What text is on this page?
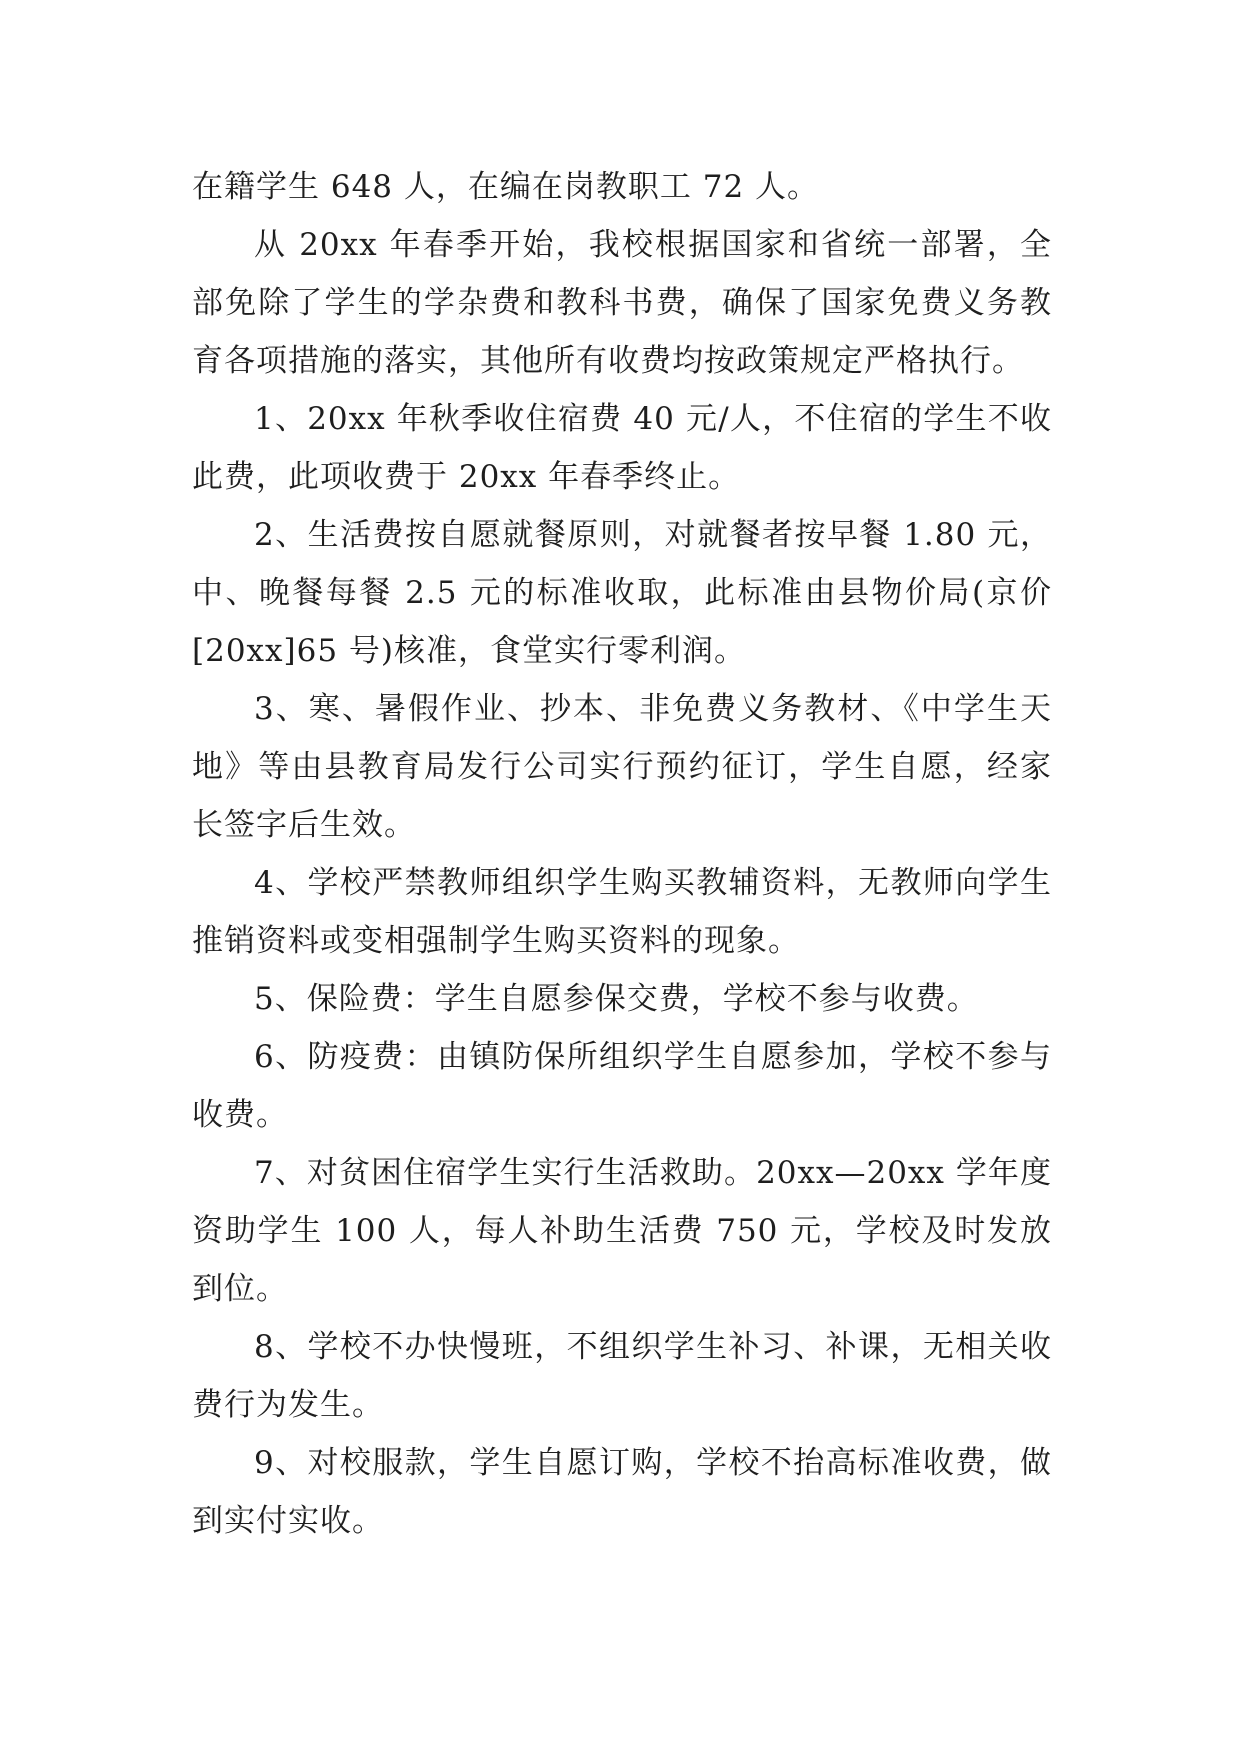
在籍学生 648 人，在编在岗教职工 72 人。

从 20xx 年春季开始，我校根据国家和省统一部署，全部免除了学生的学杂费和教科书费，确保了国家免费义务教育各项措施的落实，其他所有收费均按政策规定严格执行。

1、20xx 年秋季收住宿费 40 元/人，不住宿的学生不收此费，此项收费于 20xx 年春季终止。

2、生活费按自愿就餐原则，对就餐者按早餐 1.80 元，中、晚餐每餐 2.5 元的标准收取，此标准由县物价局(京价[20xx]65 号)核准，食堂实行零利润。

3、寒、暑假作业、抄本、非免费义务教材、《中学生天地》等由县教育局发行公司实行预约征订，学生自愿，经家长签字后生效。

4、学校严禁教师组织学生购买教辅资料，无教师向学生推销资料或变相强制学生购买资料的现象。

5、保险费：学生自愿参保交费，学校不参与收费。

6、防疫费：由镇防保所组织学生自愿参加，学校不参与收费。

7、对贫困住宿学生实行生活救助。20xx—20xx 学年度资助学生 100 人，每人补助生活费 750 元，学校及时发放到位。

8、学校不办快慢班，不组织学生补习、补课，无相关收费行为发生。

9、对校服款，学生自愿订购，学校不抬高标准收费，做到实付实收。
